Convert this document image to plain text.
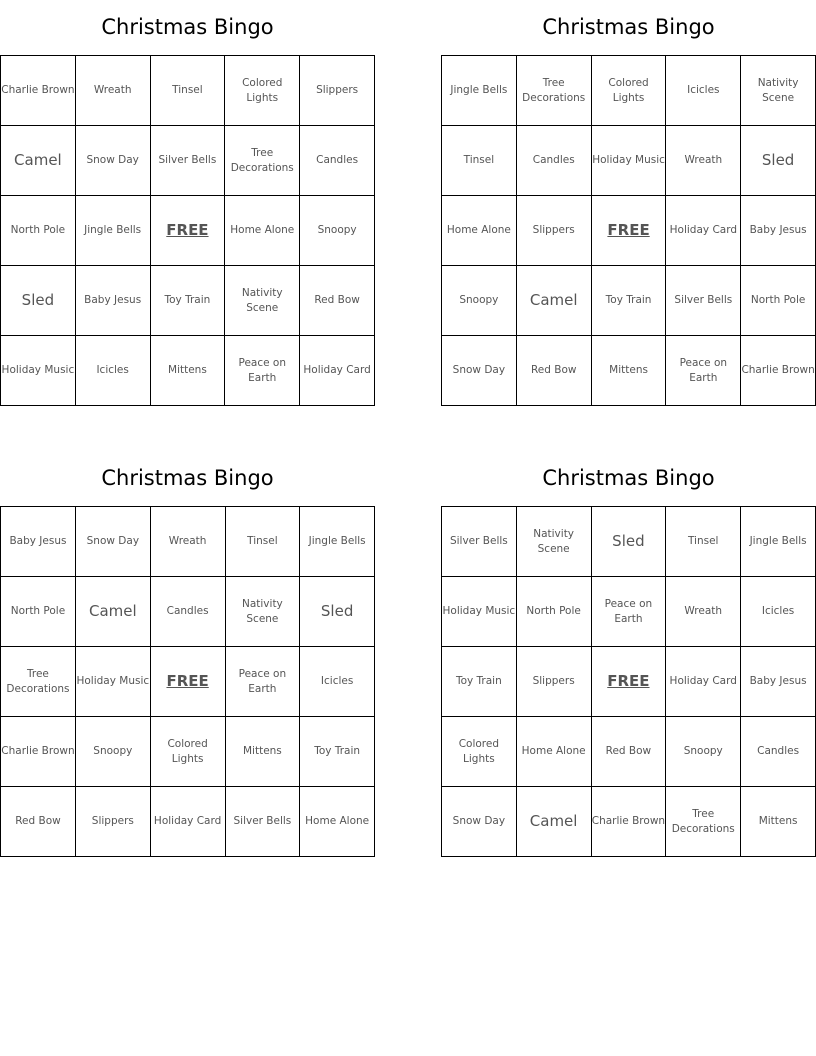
Christmas Bingo
Charlie Brown	Wreath	Tinsel	Colored Lights	Slippers
Camel	Snow Day	Silver Bells	Tree Decorations	Candles
North Pole	Jingle Bells	FREE	Home Alone	Snoopy
Sled	Baby Jesus	Toy Train	Nativity Scene	Red Bow
Holiday Music	Icicles	Mittens	Peace on Earth	Holiday Card
Christmas Bingo
Jingle Bells	Tree Decorations	Colored Lights	Icicles	Nativity Scene
Tinsel	Candles	Holiday Music	Wreath	Sled
Home Alone	Slippers	FREE	Holiday Card	Baby Jesus
Snoopy	Camel	Toy Train	Silver Bells	North Pole
Snow Day	Red Bow	Mittens	Peace on Earth	Charlie Brown
Christmas Bingo
Baby Jesus	Snow Day	Wreath	Tinsel	Jingle Bells
North Pole	Camel	Candles	Nativity Scene	Sled
Tree Decorations	Holiday Music	FREE	Peace on Earth	Icicles
Charlie Brown	Snoopy	Colored Lights	Mittens	Toy Train
Red Bow	Slippers	Holiday Card	Silver Bells	Home Alone
Christmas Bingo
Silver Bells	Nativity Scene	Sled	Tinsel	Jingle Bells
Holiday Music	North Pole	Peace on Earth	Wreath	Icicles
Toy Train	Slippers	FREE	Holiday Card	Baby Jesus
Colored Lights	Home Alone	Red Bow	Snoopy	Candles
Snow Day	Camel	Charlie Brown	Tree Decorations	Mittens
